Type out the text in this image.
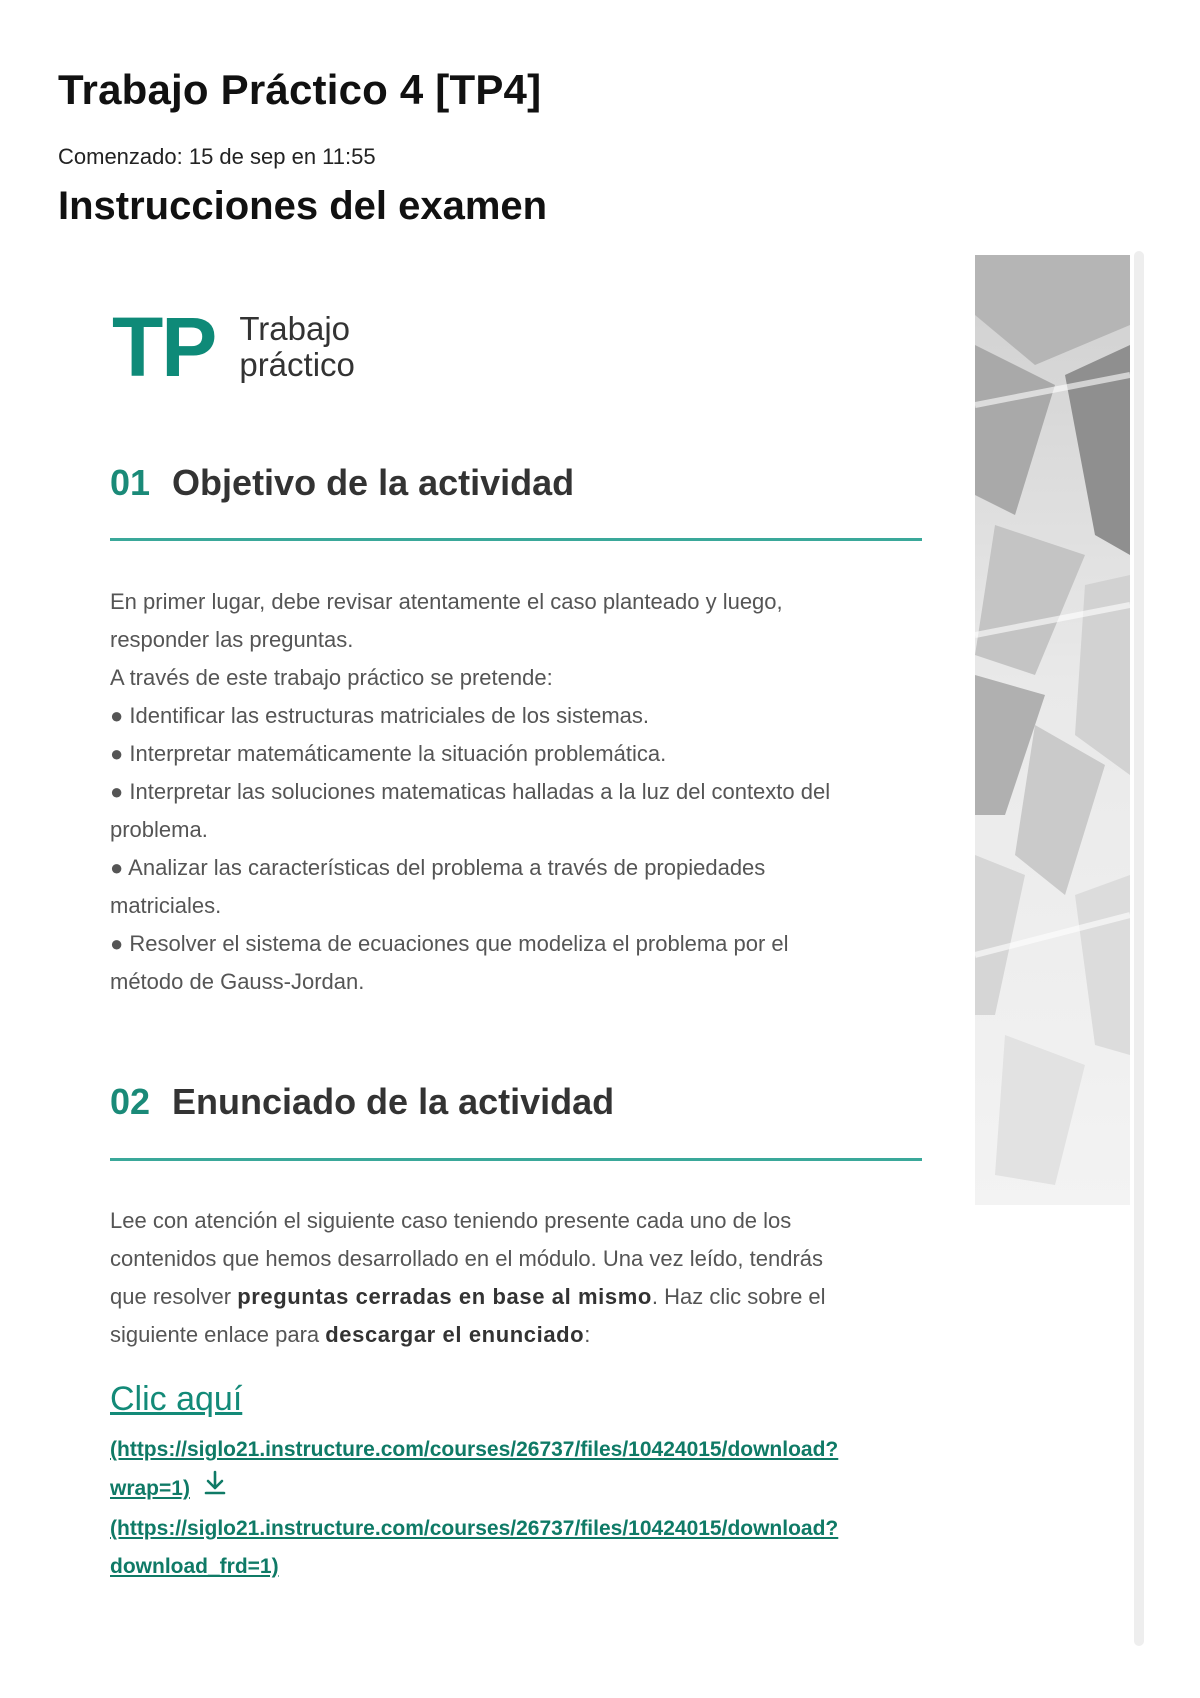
Trabajo Práctico 4 [TP4]
Comenzado: 15 de sep en 11:55
Instrucciones del examen
TP Trabajo
práctico
01 Objetivo de la actividad

En primer lugar, debe revisar atentamente el caso planteado y luego,

responder las preguntas.

A través de este trabajo práctico se pretende:

● Identificar las estructuras matriciales de los sistemas.

● Interpretar matemáticamente la situación problemática.

● Interpretar las soluciones matematicas halladas a la luz del contexto del

problema.

● Analizar las características del problema a través de propiedades

matriciales.

● Resolver el sistema de ecuaciones que modeliza el problema por el

método de Gauss-Jordan.

02 Enunciado de la actividad

Lee con atención el siguiente caso teniendo presente cada uno de los

contenidos que hemos desarrollado en el módulo. Una vez leído, tendrás

que resolver preguntas cerradas en base al mismo. Haz clic sobre el

siguiente enlace para descargar el enunciado:

Clic aquí
(https://siglo21.instructure.com/courses/26737/files/10424015/download?
wrap=1)
(https://siglo21.instructure.com/courses/26737/files/10424015/download?
download_frd=1)
